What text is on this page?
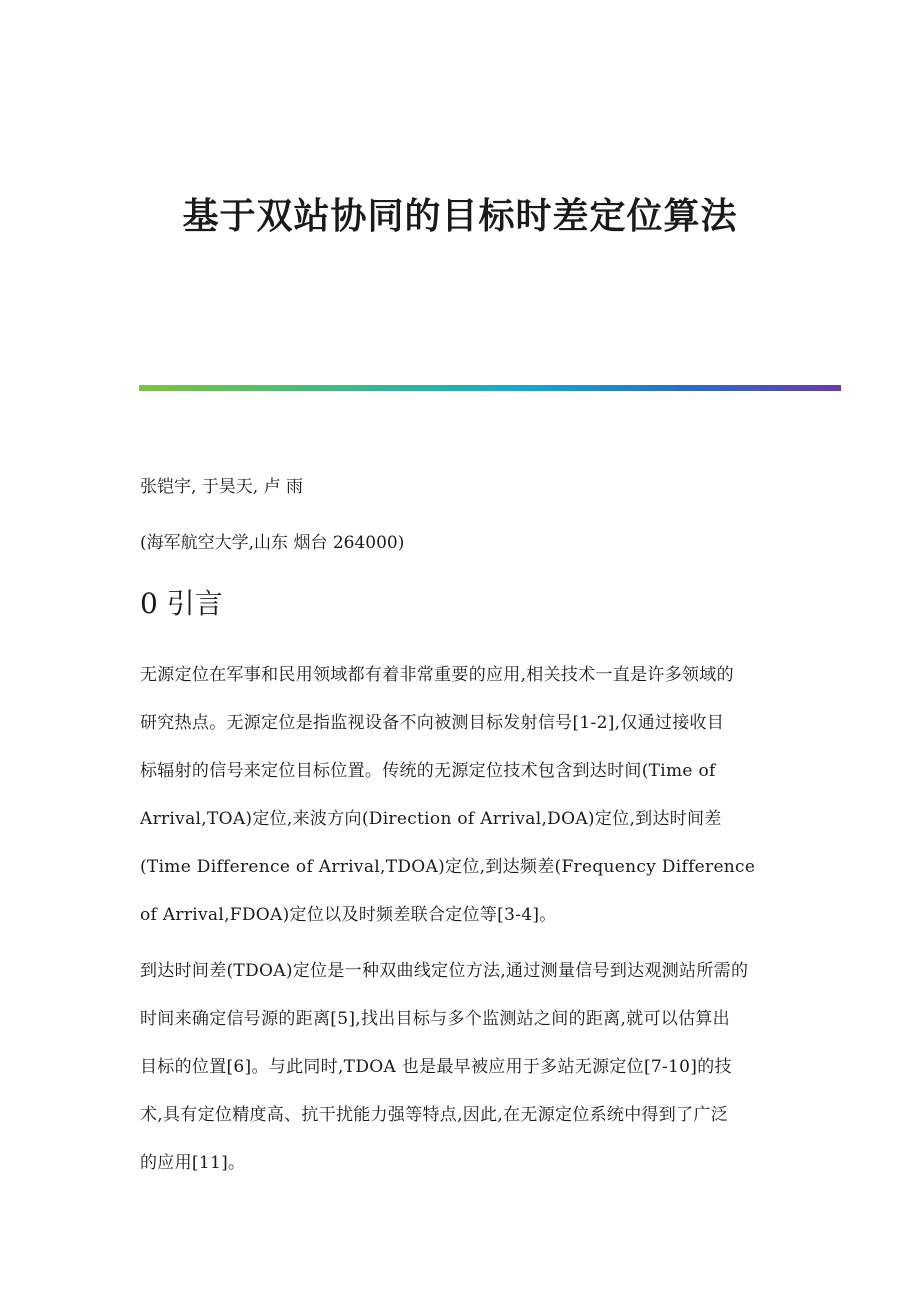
基于双站协同的目标时差定位算法

张铠宇, 于昊天, 卢 雨

(海军航空大学,山东 烟台 264000)

0 引言

无源定位在军事和民用领域都有着非常重要的应用,相关技术一直是许多领域的
研究热点。无源定位是指监视设备不向被测目标发射信号[1-2],仅通过接收目
标辐射的信号来定位目标位置。传统的无源定位技术包含到达时间(Time of
Arrival,TOA)定位,来波方向(Direction of Arrival,DOA)定位,到达时间差
(Time Difference of Arrival,TDOA)定位,到达频差(Frequency Difference
of Arrival,FDOA)定位以及时频差联合定位等[3-4]。

到达时间差(TDOA)定位是一种双曲线定位方法,通过测量信号到达观测站所需的
时间来确定信号源的距离[5],找出目标与多个监测站之间的距离,就可以估算出
目标的位置[6]。与此同时,TDOA 也是最早被应用于多站无源定位[7-10]的技
术,具有定位精度高、抗干扰能力强等特点,因此,在无源定位系统中得到了广泛
的应用[11]。
